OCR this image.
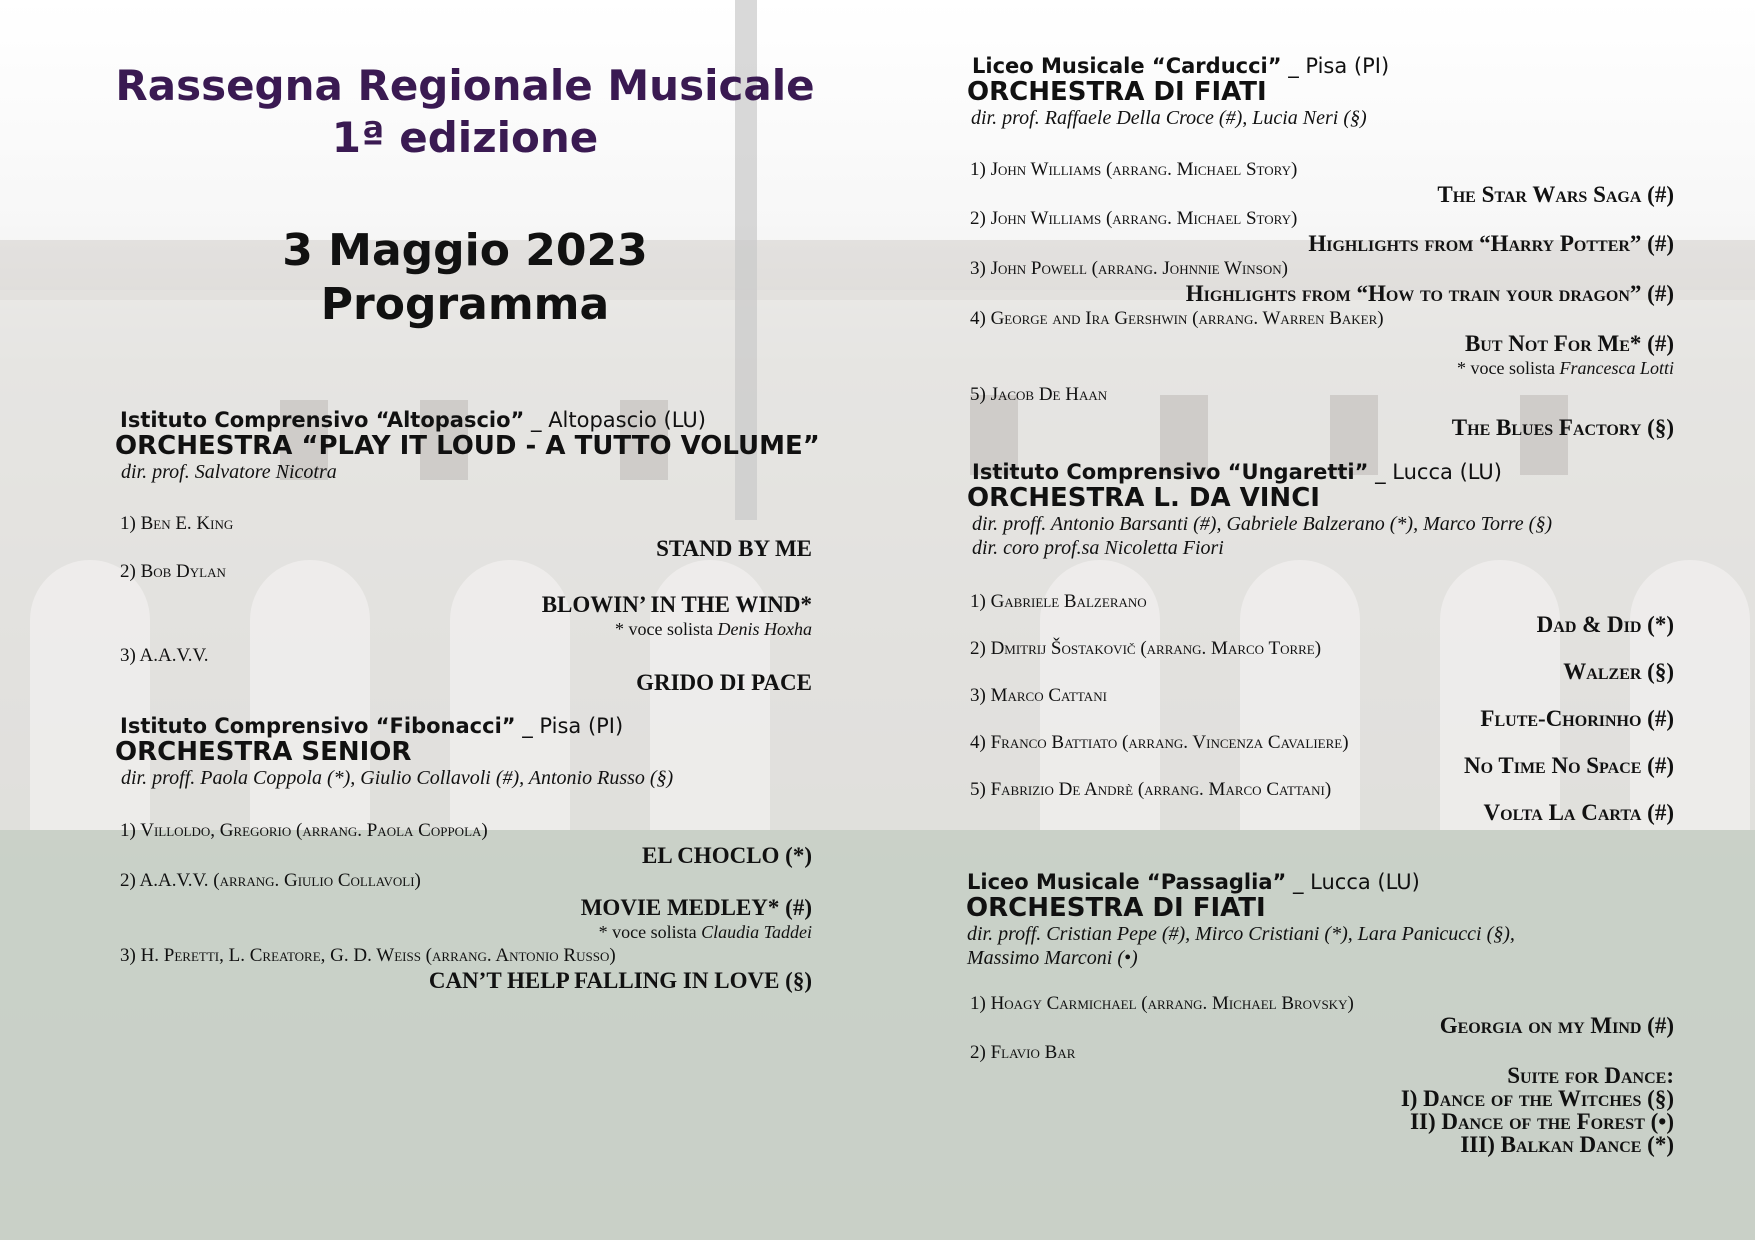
Rassegna Regionale Musicale
1ª edizione
3 Maggio 2023
Programma
Istituto Comprensivo “Altopascio” _ Altopascio (LU)
ORCHESTRA “PLAY IT LOUD - A TUTTO VOLUME”
dir. prof. Salvatore Nicotra
1) Ben E. King
STAND BY ME
2) Bob Dylan
BLOWIN’ IN THE WIND*
* voce solista Denis Hoxha
3) A.A.V.V.
GRIDO DI PACE
Istituto Comprensivo “Fibonacci” _ Pisa (PI)
ORCHESTRA SENIOR
dir. proff. Paola Coppola (*), Giulio Collavoli (#), Antonio Russo (§)
1) Villoldo, Gregorio (arrang. Paola Coppola)
EL CHOCLO (*)
2) A.A.V.V. (arrang. Giulio Collavoli)
MOVIE MEDLEY* (#)
* voce solista Claudia Taddei
3) H. Peretti, L. Creatore, G. D. Weiss (arrang. Antonio Russo)
CAN’T HELP FALLING IN LOVE (§)
Liceo Musicale “Carducci” _ Pisa (PI)
ORCHESTRA DI FIATI
dir. prof. Raffaele Della Croce (#), Lucia Neri (§)
1) John Williams (arrang. Michael Story)
The Star Wars Saga (#)
2) John Williams (arrang. Michael Story)
Highlights from “Harry Potter” (#)
3) John Powell (arrang. Johnnie Winson)
Highlights from “How to train your dragon” (#)
4) George and Ira Gershwin (arrang. Warren Baker)
But Not For Me* (#)
* voce solista Francesca Lotti
5) Jacob De Haan
The Blues Factory (§)
Istituto Comprensivo “Ungaretti” _ Lucca (LU)
ORCHESTRA L. DA VINCI
dir. proff. Antonio Barsanti (#), Gabriele Balzerano (*), Marco Torre (§)
dir. coro prof.sa Nicoletta Fiori
1) Gabriele Balzerano
Dad & Did (*)
2) Dmitrij Šostakovič (arrang. Marco Torre)
Walzer (§)
3) Marco Cattani
Flute-Chorinho (#)
4) Franco Battiato (arrang. Vincenza Cavaliere)
No Time No Space (#)
5) Fabrizio De Andrè (arrang. Marco Cattani)
Volta La Carta (#)
Liceo Musicale “Passaglia” _ Lucca (LU)
ORCHESTRA DI FIATI
dir. proff. Cristian Pepe (#), Mirco Cristiani (*), Lara Panicucci (§),
Massimo Marconi (•)
1) Hoagy Carmichael (arrang. Michael Brovsky)
Georgia on my Mind (#)
2) Flavio Bar
Suite for Dance:
I) Dance of the Witches (§)
II) Dance of the Forest (•)
III) Balkan Dance (*)
